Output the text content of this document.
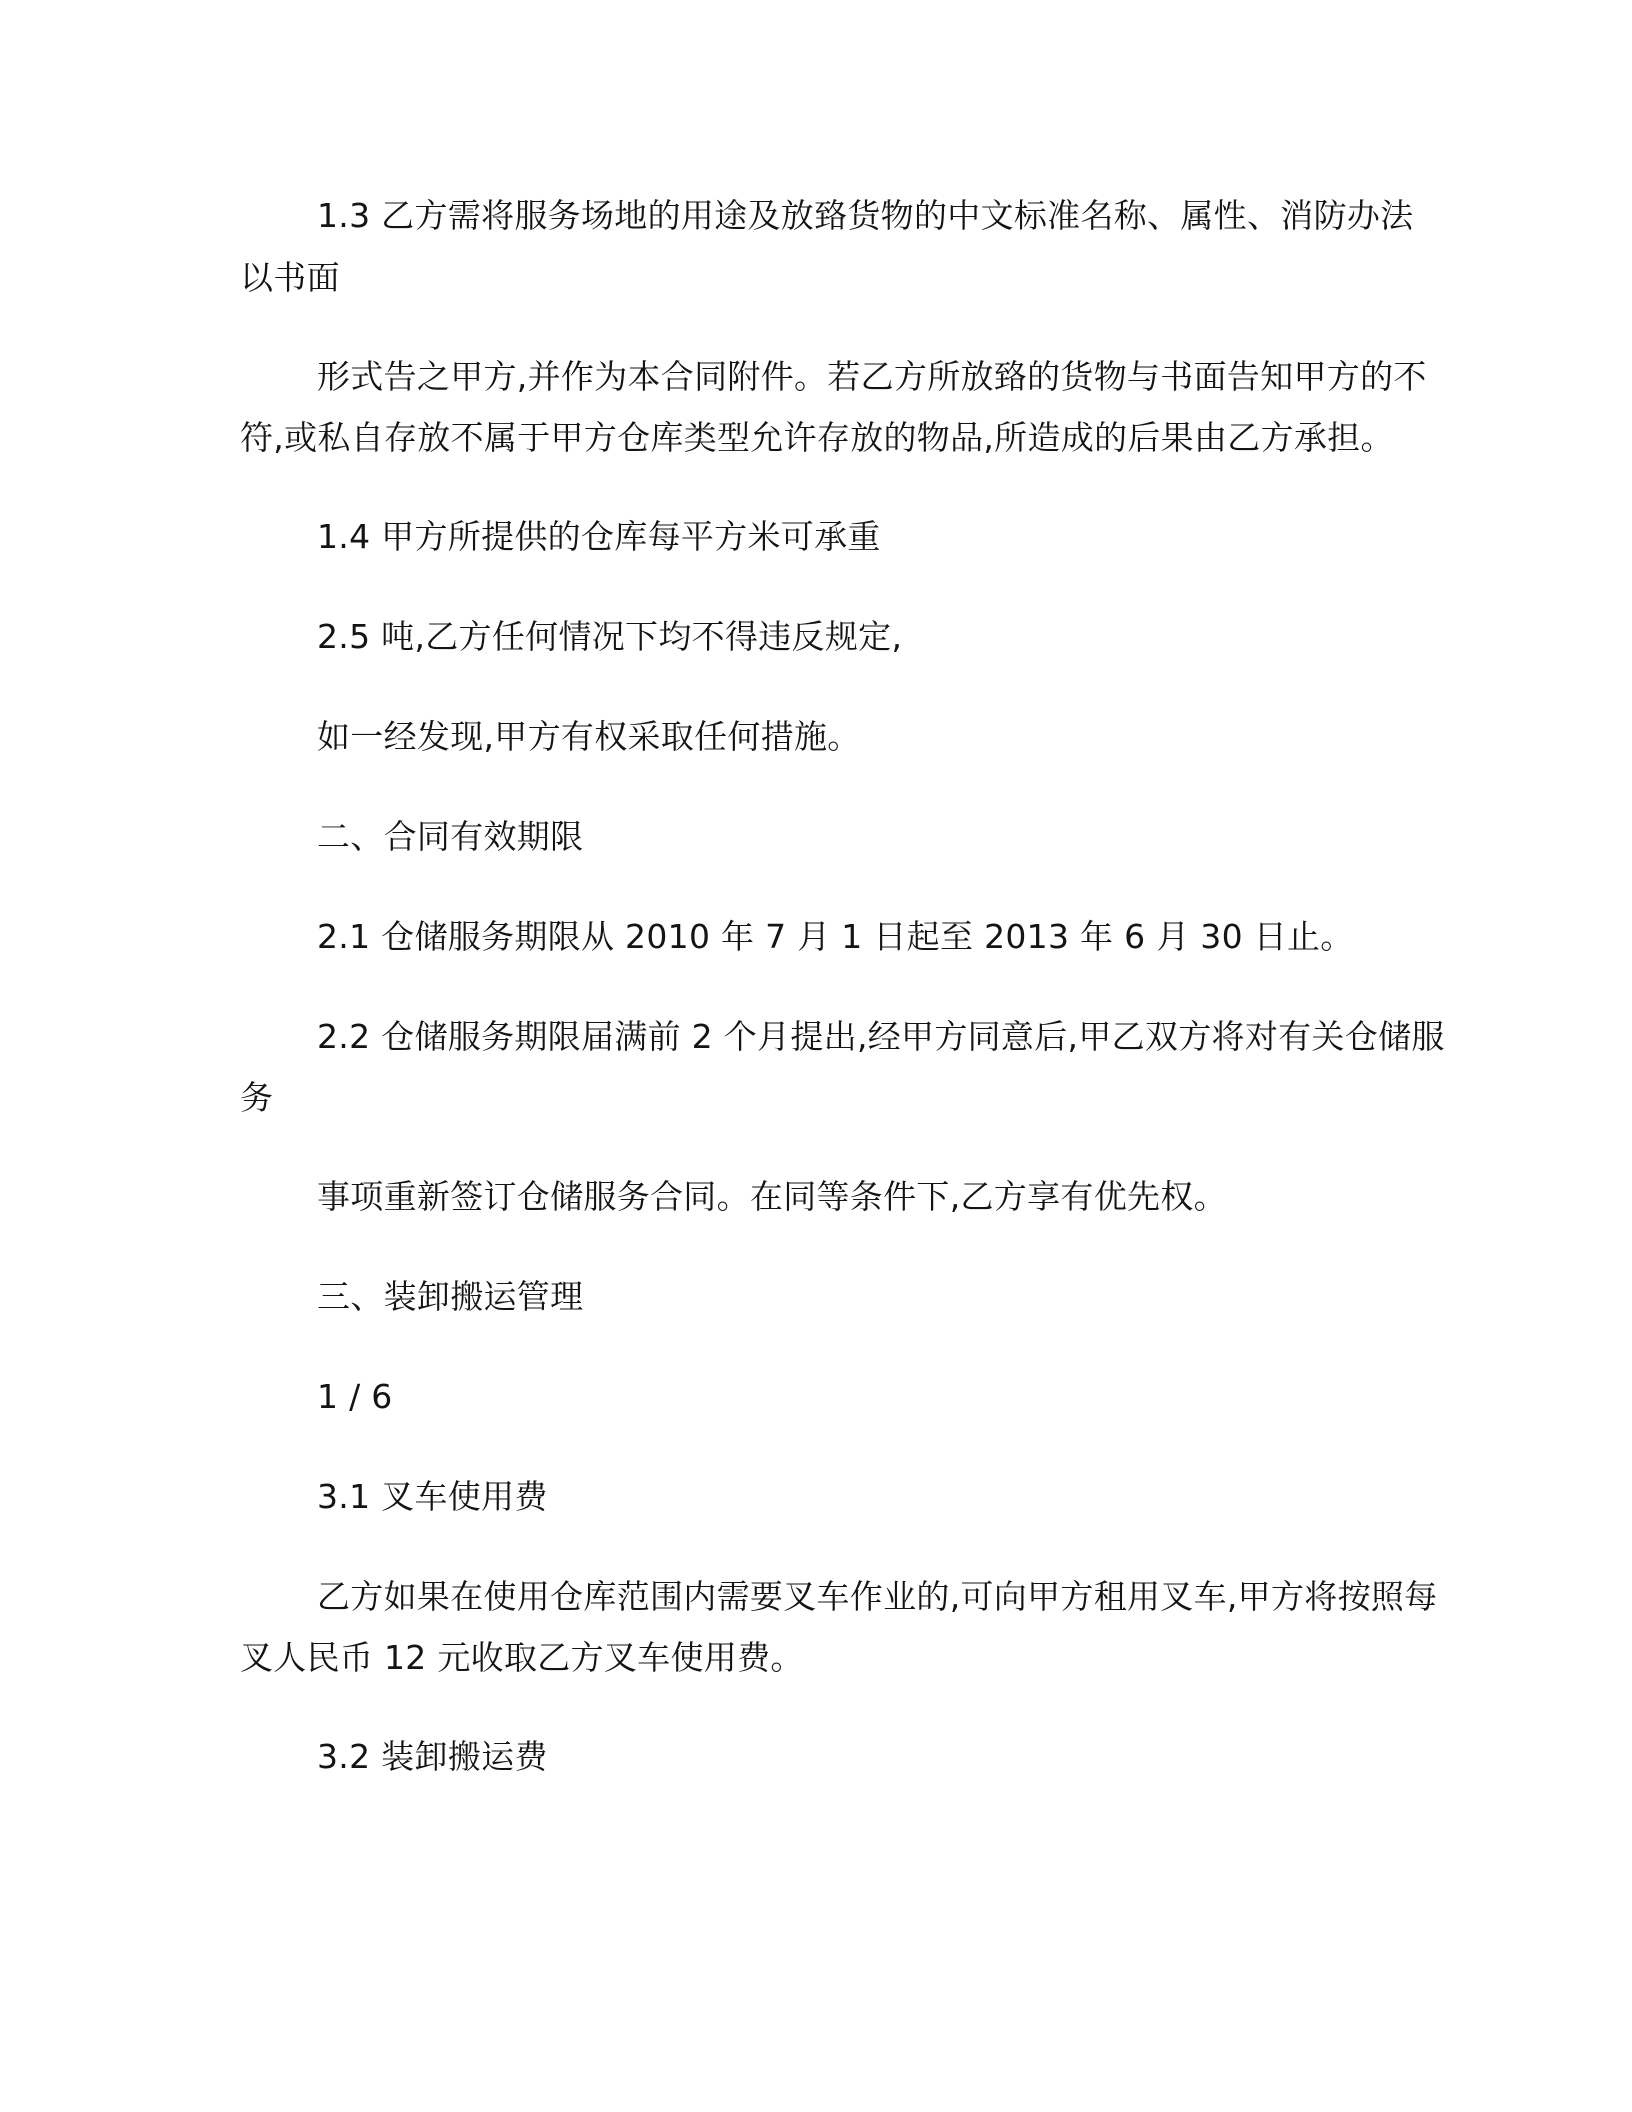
1.3 乙方需将服务场地的用途及放臵货物的中文标准名称、属性、消防办法
以书面
形式告之甲方,并作为本合同附件。若乙方所放臵的货物与书面告知甲方的不
符,或私自存放不属于甲方仓库类型允许存放的物品,所造成的后果由乙方承担。
1.4 甲方所提供的仓库每平方米可承重
2.5 吨,乙方任何情况下均不得违反规定,
如一经发现,甲方有权采取任何措施。
二、合同有效期限
2.1 仓储服务期限从 2010 年 7 月 1 日起至 2013 年 6 月 30 日止。
2.2 仓储服务期限届满前 2 个月提出,经甲方同意后,甲乙双方将对有关仓储服
务
事项重新签订仓储服务合同。在同等条件下,乙方享有优先权。
三、装卸搬运管理
1 / 6
3.1 叉车使用费
乙方如果在使用仓库范围内需要叉车作业的,可向甲方租用叉车,甲方将按照每
叉人民币 12 元收取乙方叉车使用费。
3.2 装卸搬运费
